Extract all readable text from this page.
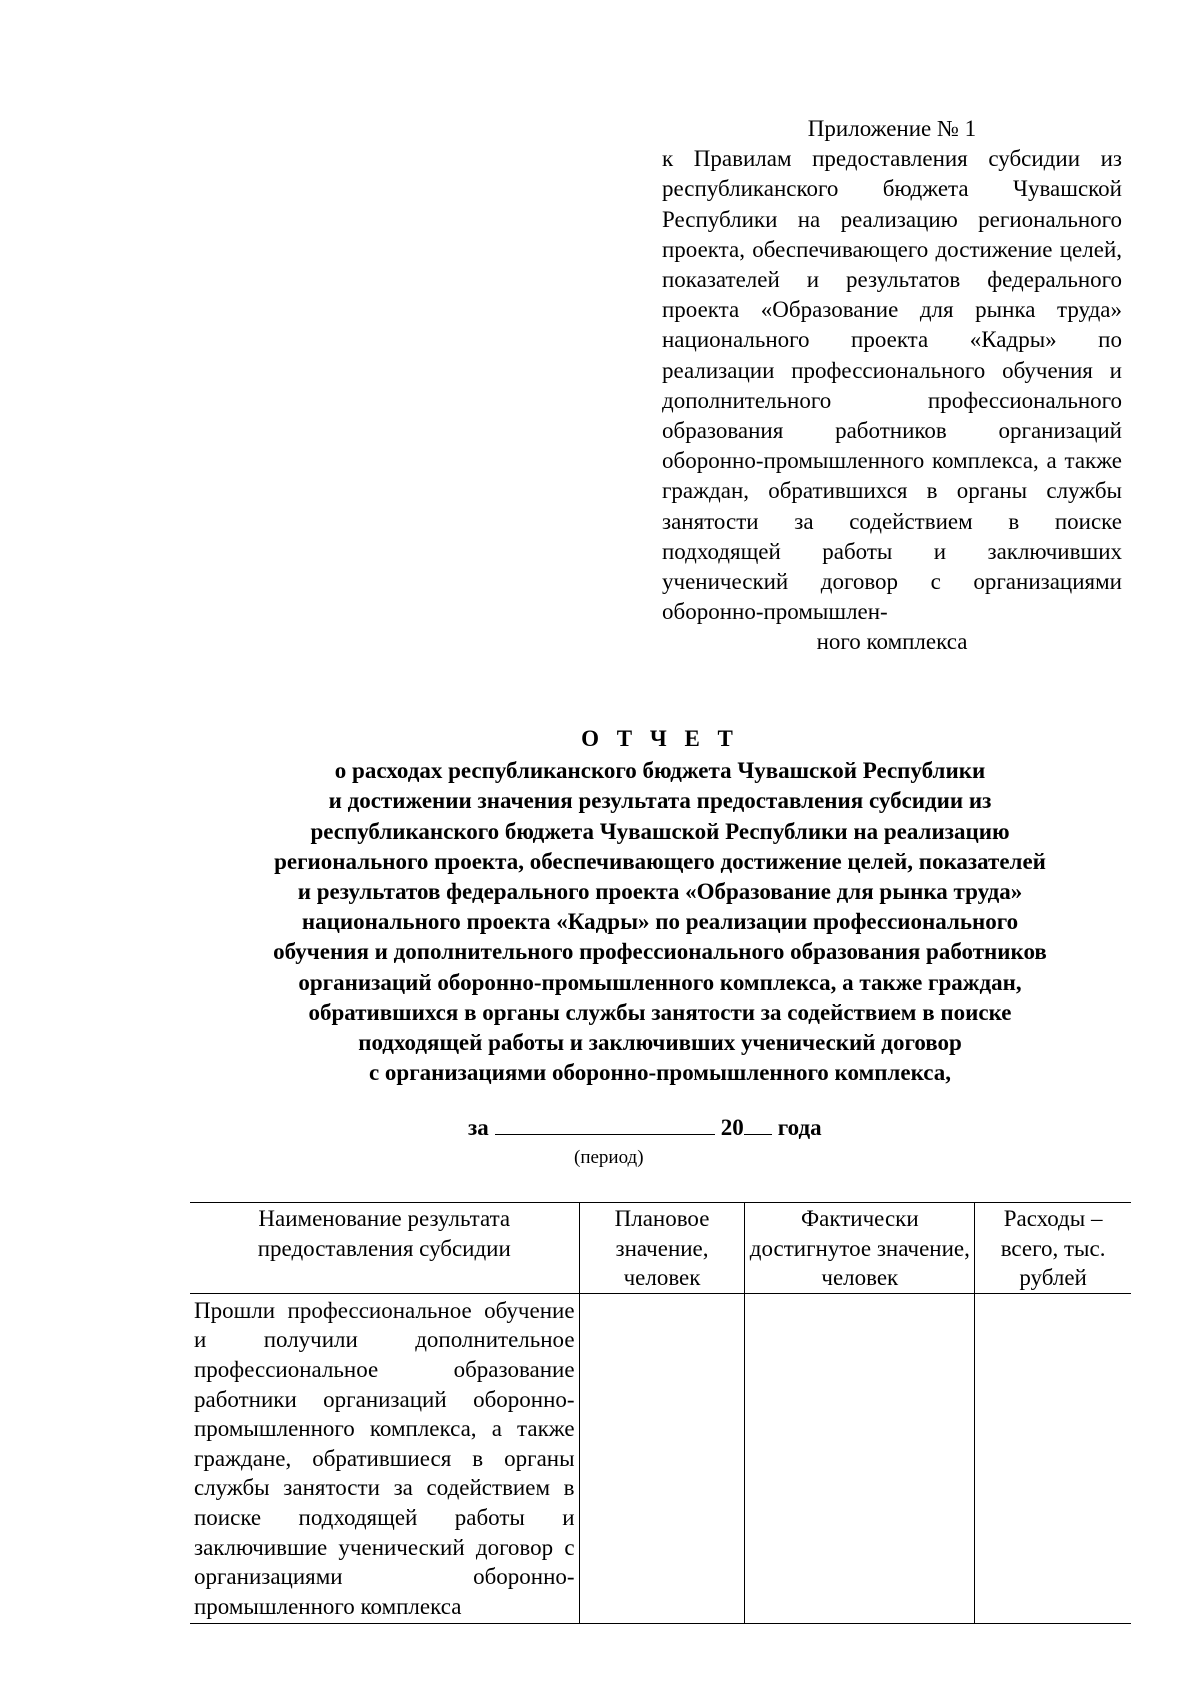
Приложение № 1
к Правилам предоставления субсидии из республиканского бюджета Чувашской Республики на реализацию регионального проекта, обеспечивающего достижение целей, показателей и результатов федерального проекта «Образование для рынка труда» национального проекта «Кадры» по реализации профессионального обучения и дополнительного профессионального образования работников организаций оборонно-промышленного комплекса, а также граждан, обратившихся в органы службы занятости за содействием в поиске подходящей работы и заключивших ученический договор с организациями оборонно-промышлен-
ного комплекса
О Т Ч Е Т
о расходах республиканского бюджета Чувашской Республики
и достижении значения результата предоставления субсидии из
республиканского бюджета Чувашской Республики на реализацию
регионального проекта, обеспечивающего достижение целей, показателей
и результатов федерального проекта «Образование для рынка труда»
национального проекта «Кадры» по реализации профессионального
обучения и дополнительного профессионального образования работников
организаций оборонно-промышленного комплекса, а также граждан,
обратившихся в органы службы занятости за содействием в поиске
подходящей работы и заключивших ученический договор
с организациями оборонно-промышленного комплекса,
за	20 года
(период)
Наименование результата предоставления субсидии	Плановое значение, человек	Фактически достигнутое значение, человек	Расходы – всего, тыс. рублей
Прошли профессиональное обучение и получили дополнительное профессиональное образование работники организаций оборонно-промышленного комплекса, а также граждане, обратившиеся в органы службы занятости за содействием в поиске подходящей работы и заключившие ученический договор с организациями оборонно-промышленного комплекса			
